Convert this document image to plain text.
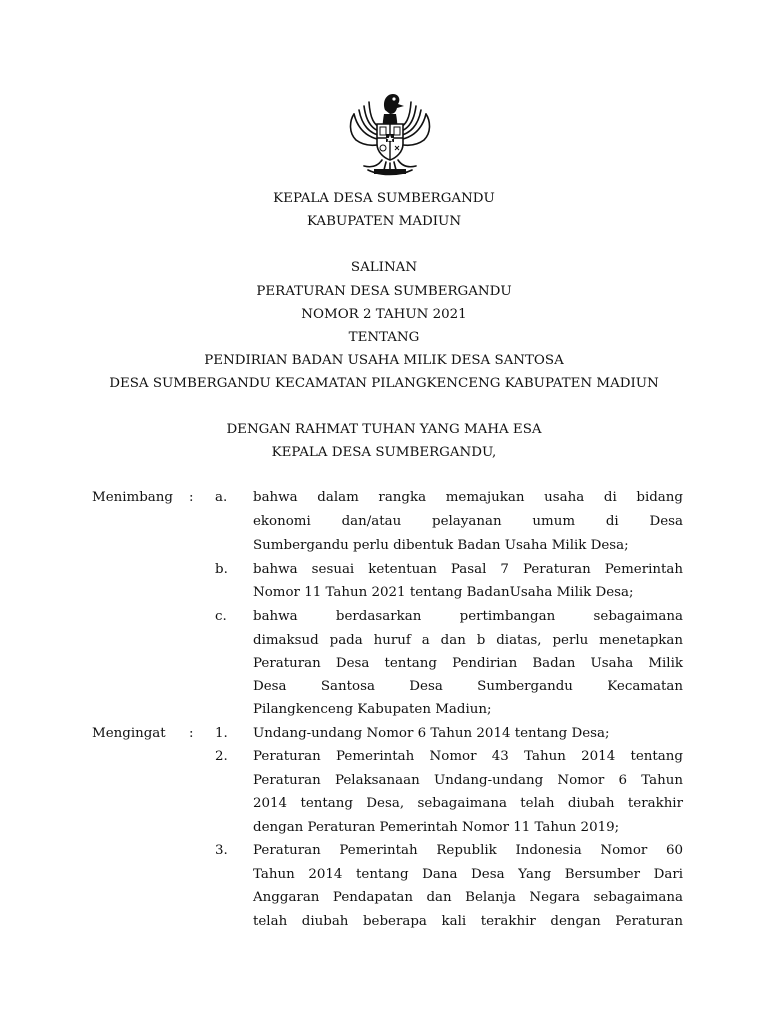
KEPALA DESA SUMBERGANDU
KABUPATEN MADIUN
SALINAN
PERATURAN DESA SUMBERGANDU
NOMOR 2 TAHUN 2021
TENTANG
PENDIRIAN BADAN USAHA MILIK DESA SANTOSA
DESA SUMBERGANDU KECAMATAN PILANGKENCENG KABUPATEN MADIUN
DENGAN RAHMAT TUHAN YANG MAHA ESA
KEPALA DESA SUMBERGANDU,
Menimbang : a.	bahwa dalam rangka memajukan usaha di bidang
ekonomi dan/atau pelayanan umum di Desa
Sumbergandu perlu dibentuk Badan Usaha Milik Desa;
b.	bahwa sesuai ketentuan Pasal 7 Peraturan Pemerintah
Nomor 11 Tahun 2021 tentang BadanUsaha Milik Desa;
c.	bahwa berdasarkan pertimbangan sebagaimana
dimaksud pada huruf a dan b diatas, perlu menetapkan
Peraturan Desa tentang Pendirian Badan Usaha Milik
Desa Santosa Desa Sumbergandu Kecamatan
Pilangkenceng Kabupaten Madiun;
Mengingat : 1.	Undang-undang Nomor 6 Tahun 2014 tentang Desa;
2.	Peraturan Pemerintah Nomor 43 Tahun 2014 tentang
Peraturan Pelaksanaan Undang-undang Nomor 6 Tahun
2014 tentang Desa, sebagaimana telah diubah terakhir
dengan Peraturan Pemerintah Nomor 11 Tahun 2019;
3.	Peraturan Pemerintah Republik Indonesia Nomor 60
Tahun 2014 tentang Dana Desa Yang Bersumber Dari
Anggaran Pendapatan dan Belanja Negara sebagaimana
telah diubah beberapa kali terakhir dengan Peraturan
